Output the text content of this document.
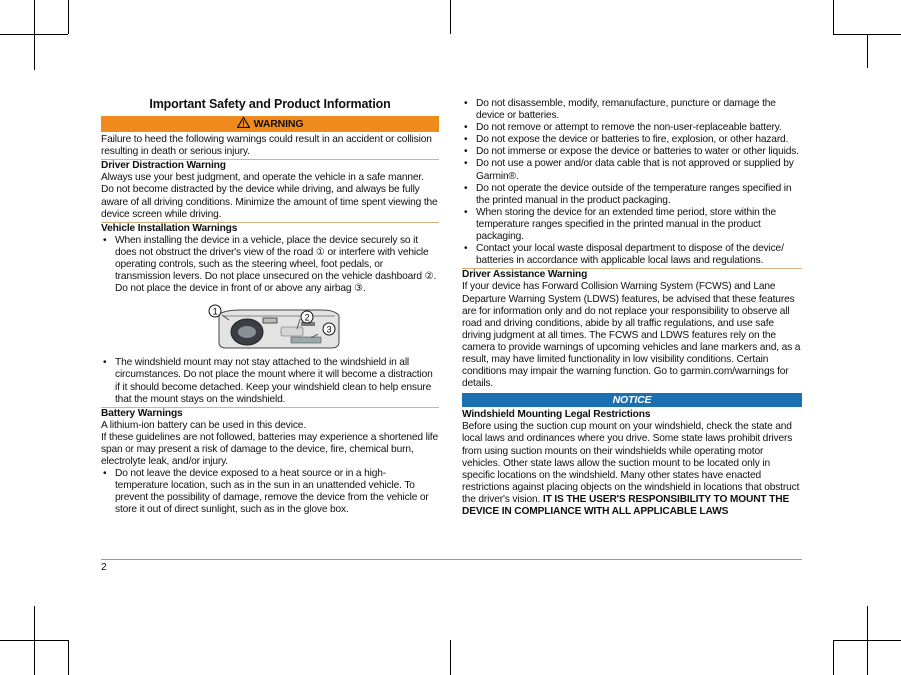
Important Safety and Product Information
WARNING

Failure to heed the following warnings could result in an accident or collision resulting in death or serious injury.

Driver Distraction Warning

Always use your best judgment, and operate the vehicle in a safe manner. Do not become distracted by the device while driving, and always be fully aware of all driving conditions. Minimize the amount of time spent viewing the device screen while driving.

Vehicle Installation Warnings
• When installing the device in a vehicle, place the device securely so it does not obstruct the driver's view of the road ① or interfere with vehicle operating controls, such as the steering wheel, foot pedals, or transmission levers. Do not place unsecured on the vehicle dashboard ②. Do not place the device in front of or above any airbag ③.
1
2
3
• The windshield mount may not stay attached to the windshield in all circumstances. Do not place the mount where it will become a distraction if it should become detached. Keep your windshield clean to help ensure that the mount stays on the windshield.
Battery Warnings

A lithium-ion battery can be used in this device.

If these guidelines are not followed, batteries may experience a shortened life span or may present a risk of damage to the device, fire, chemical burn, electrolyte leak, and/or injury.

• Do not leave the device exposed to a heat source or in a high-temperature location, such as in the sun in an unattended vehicle. To prevent the possibility of damage, remove the device from the vehicle or store it out of direct sunlight, such as in the glove box.
• Do not disassemble, modify, remanufacture, puncture or damage the device or batteries.
• Do not remove or attempt to remove the non-user-replaceable battery.
• Do not expose the device or batteries to fire, explosion, or other hazard.
• Do not immerse or expose the device or batteries to water or other liquids.
• Do not use a power and/or data cable that is not approved or supplied by Garmin®.
• Do not operate the device outside of the temperature ranges specified in the printed manual in the product packaging.
• When storing the device for an extended time period, store within the temperature ranges specified in the printed manual in the product packaging.
• Contact your local waste disposal department to dispose of the device/ batteries in accordance with applicable local laws and regulations.
Driver Assistance Warning

If your device has Forward Collision Warning System (FCWS) and Lane Departure Warning System (LDWS) features, be advised that these features are for information only and do not replace your responsibility to observe all road and driving conditions, abide by all traffic regulations, and use safe driving judgment at all times. The FCWS and LDWS features rely on the camera to provide warnings of upcoming vehicles and lane markers and, as a result, may have limited functionality in low visibility conditions. Certain conditions may impair the warning function. Go to garmin.com/warnings for details.

NOTICE
Windshield Mounting Legal Restrictions

Before using the suction cup mount on your windshield, check the state and local laws and ordinances where you drive. Some state laws prohibit drivers from using suction mounts on their windshields while operating motor vehicles. Other state laws allow the suction mount to be located only in specific locations on the windshield. Many other states have enacted restrictions against placing objects on the windshield in locations that obstruct the driver's vision. IT IS THE USER'S RESPONSIBILITY TO MOUNT THE DEVICE IN COMPLIANCE WITH ALL APPLICABLE LAWS

2
